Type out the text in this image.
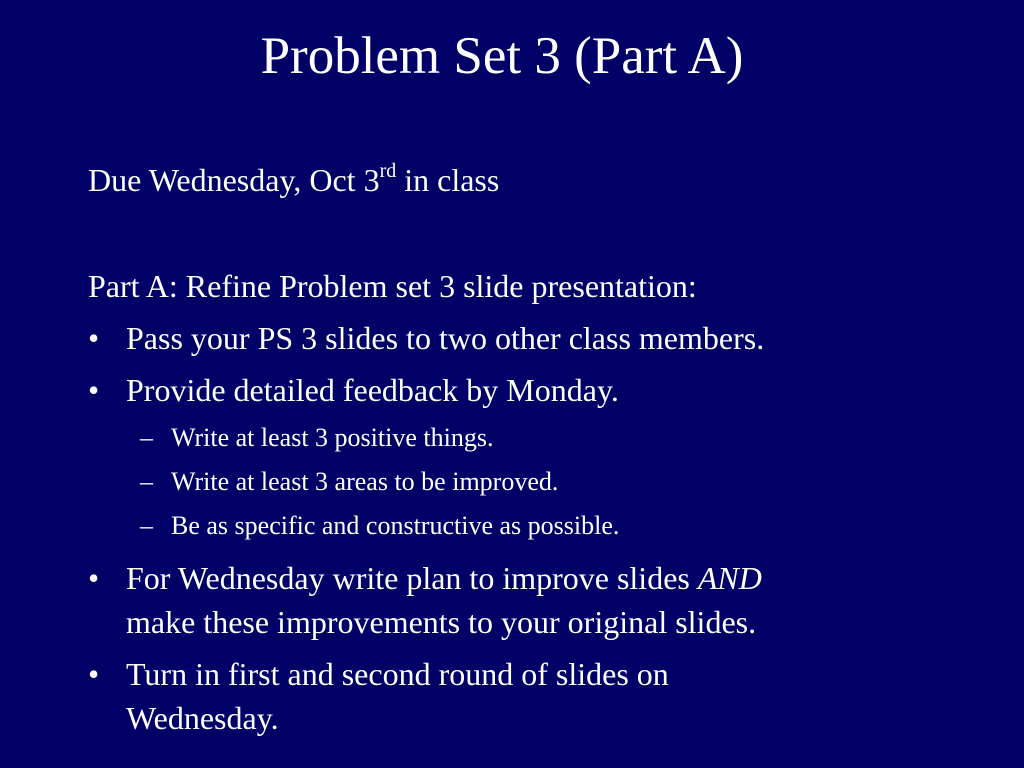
Problem Set 3 (Part A)
Due Wednesday, Oct 3rd in class
Part A: Refine Problem set 3 slide presentation:
• Pass your PS 3 slides to two other class members.
• Provide detailed feedback by Monday.
– Write at least 3 positive things.
– Write at least 3 areas to be improved.
– Be as specific and constructive as possible.
• For Wednesday write plan to improve slides AND
make these improvements to your original slides.
• Turn in first and second round of slides on
Wednesday.
